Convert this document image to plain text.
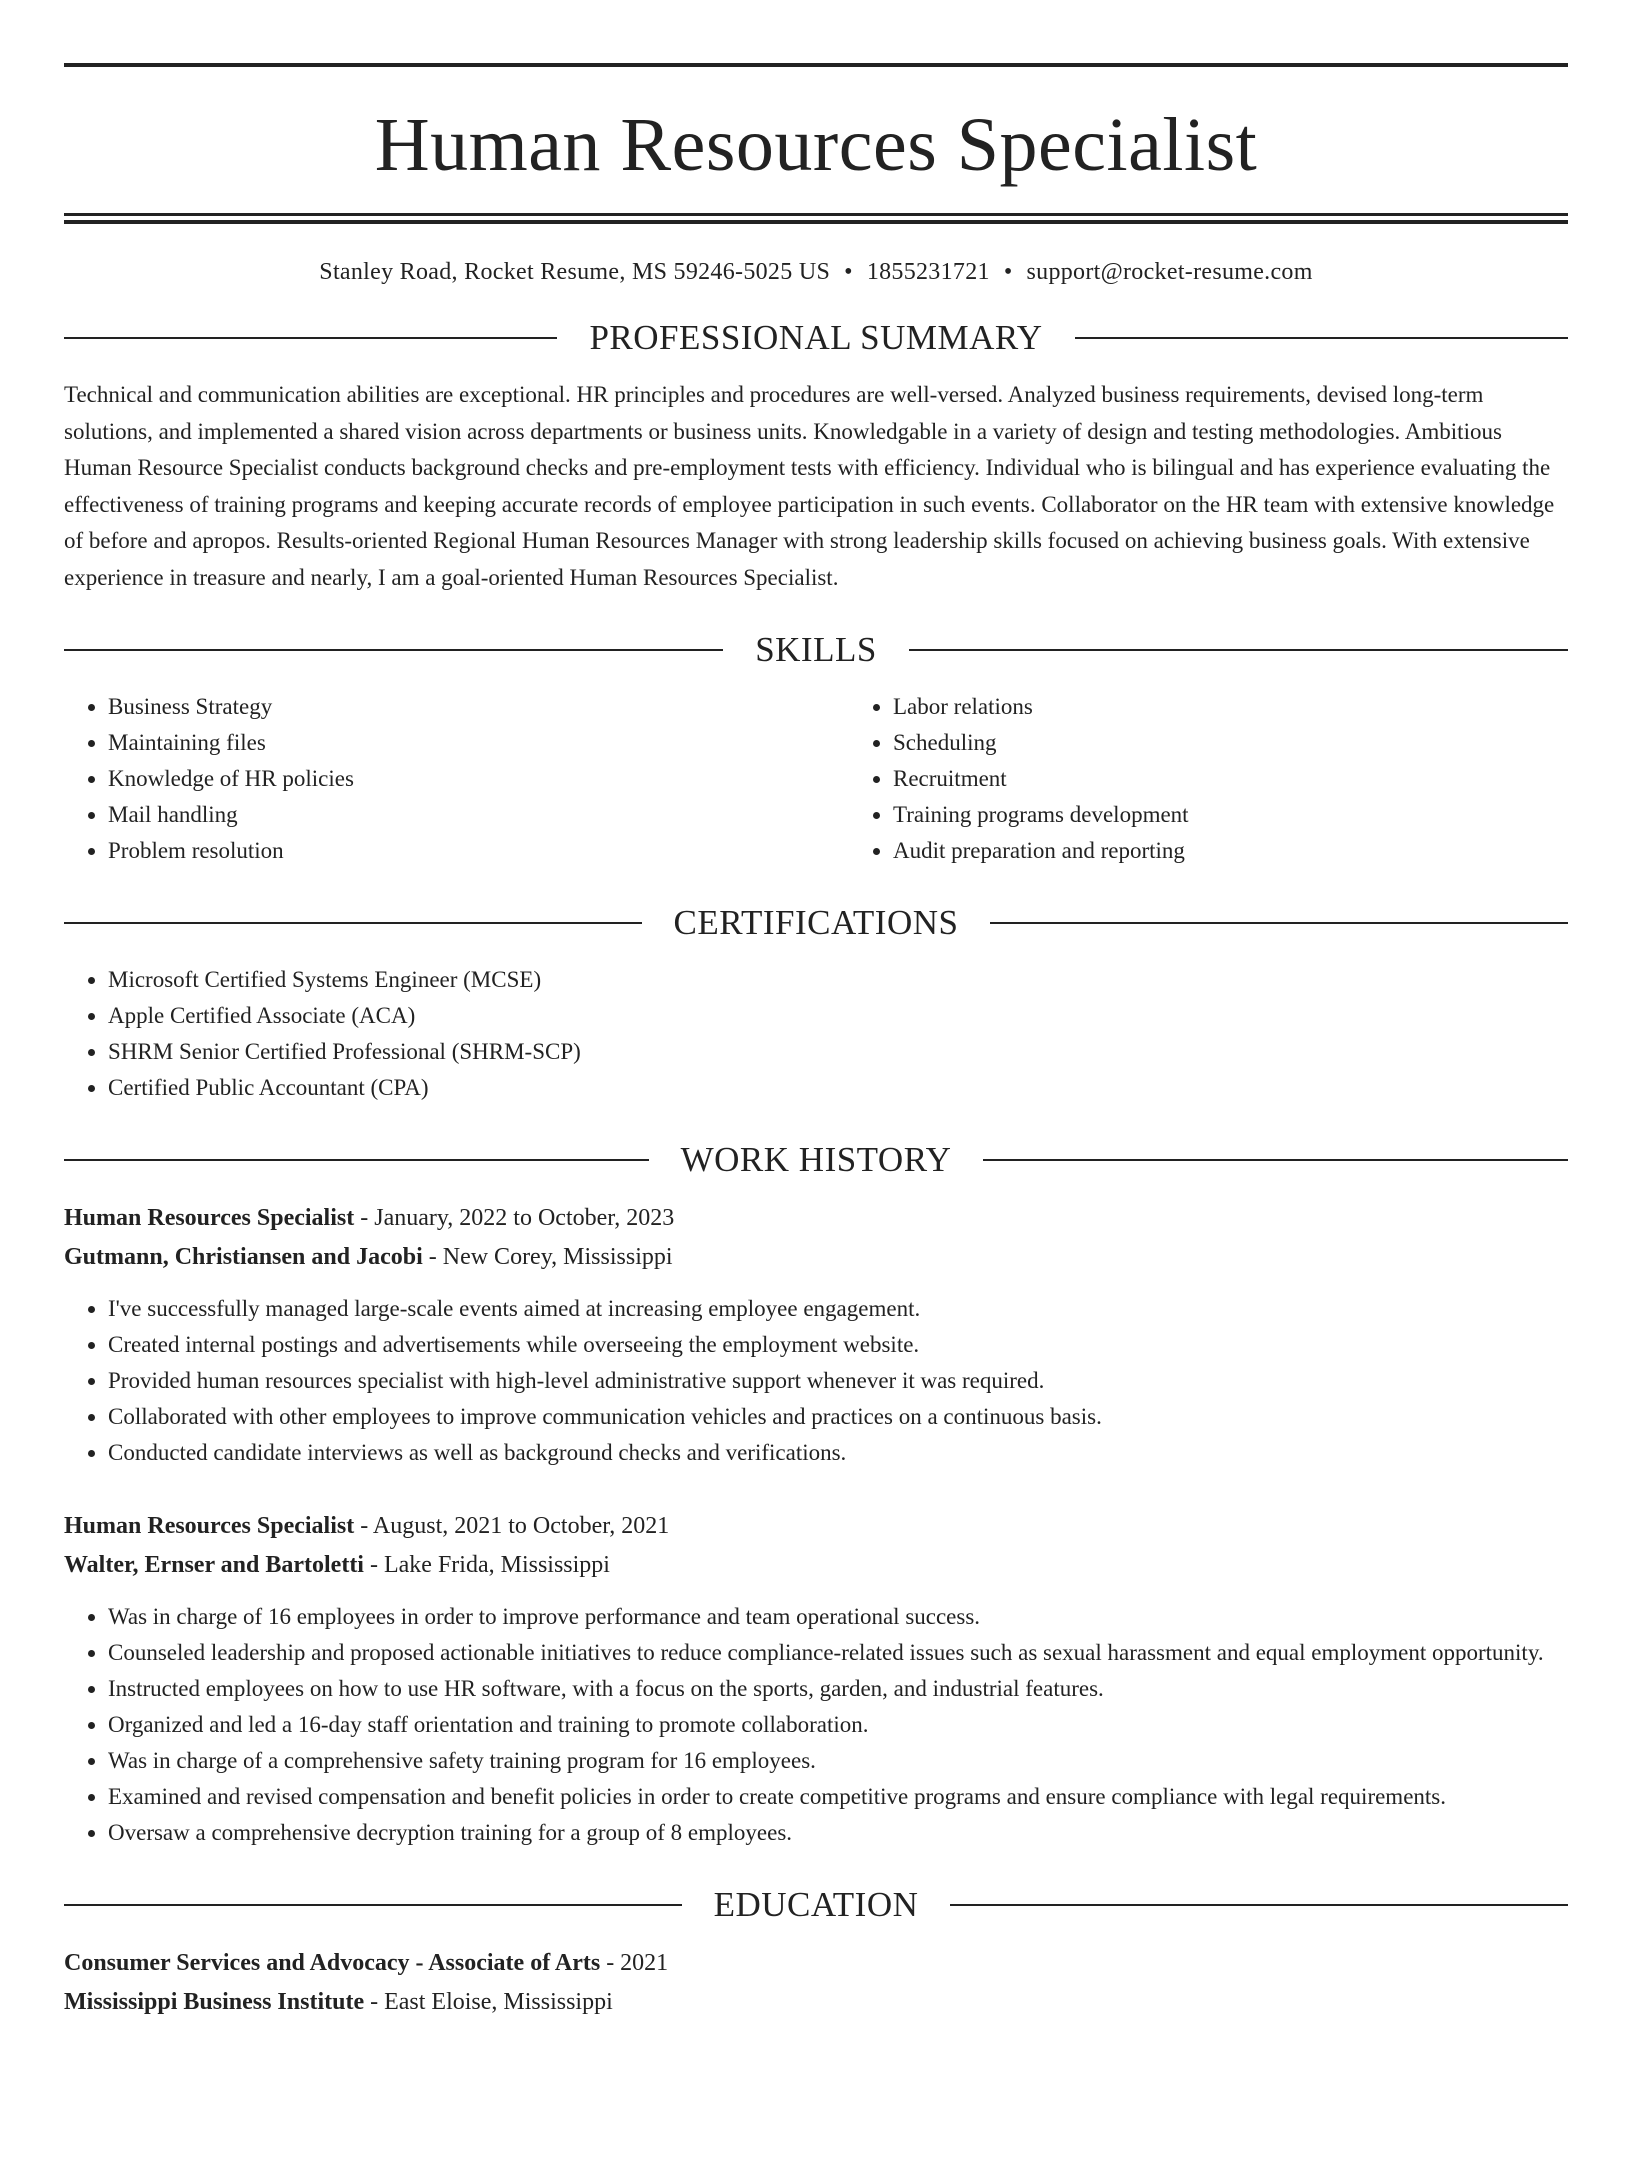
Human Resources Specialist
Stanley Road, Rocket Resume, MS 59246-5025 US • 1855231721 • support@rocket-resume.com
PROFESSIONAL SUMMARY

Technical and communication abilities are exceptional. HR principles and procedures are well-versed. Analyzed business requirements, devised long-term solutions, and implemented a shared vision across departments or business units. Knowledgable in a variety of design and testing methodologies. Ambitious Human Resource Specialist conducts background checks and pre-employment tests with efficiency. Individual who is bilingual and has experience evaluating the effectiveness of training programs and keeping accurate records of employee participation in such events. Collaborator on the HR team with extensive knowledge of before and apropos. Results-oriented Regional Human Resources Manager with strong leadership skills focused on achieving business goals. With extensive experience in treasure and nearly, I am a goal-oriented Human Resources Specialist.

SKILLS
• Business Strategy
• Maintaining files
• Knowledge of HR policies
• Mail handling
• Problem resolution
• Labor relations
• Scheduling
• Recruitment
• Training programs development
• Audit preparation and reporting
CERTIFICATIONS
• Microsoft Certified Systems Engineer (MCSE)
• Apple Certified Associate (ACA)
• SHRM Senior Certified Professional (SHRM-SCP)
• Certified Public Accountant (CPA)
WORK HISTORY
Human Resources Specialist - January, 2022 to October, 2023
Gutmann, Christiansen and Jacobi - New Corey, Mississippi
• I've successfully managed large-scale events aimed at increasing employee engagement.
• Created internal postings and advertisements while overseeing the employment website.
• Provided human resources specialist with high-level administrative support whenever it was required.
• Collaborated with other employees to improve communication vehicles and practices on a continuous basis.
• Conducted candidate interviews as well as background checks and verifications.
Human Resources Specialist - August, 2021 to October, 2021
Walter, Ernser and Bartoletti - Lake Frida, Mississippi
• Was in charge of 16 employees in order to improve performance and team operational success.
• Counseled leadership and proposed actionable initiatives to reduce compliance-related issues such as sexual harassment and equal employment opportunity.
• Instructed employees on how to use HR software, with a focus on the sports, garden, and industrial features.
• Organized and led a 16-day staff orientation and training to promote collaboration.
• Was in charge of a comprehensive safety training program for 16 employees.
• Examined and revised compensation and benefit policies in order to create competitive programs and ensure compliance with legal requirements.
• Oversaw a comprehensive decryption training for a group of 8 employees.
EDUCATION
Consumer Services and Advocacy - Associate of Arts - 2021
Mississippi Business Institute - East Eloise, Mississippi
